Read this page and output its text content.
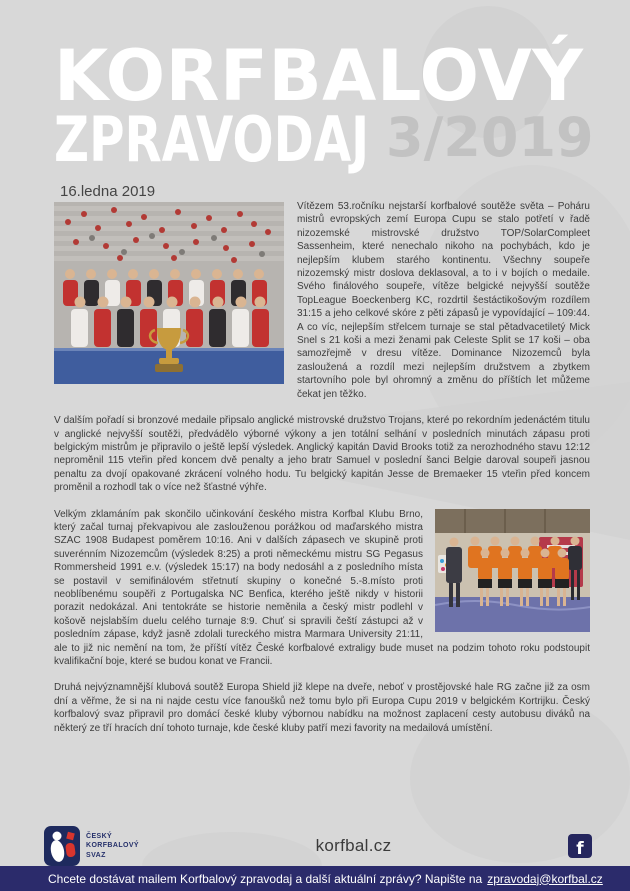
KORFBALOVÝ
ZPRAVODAJ 3/2019
16.ledna 2019
Vítězem 53.ročníku nejstarší korfbalové soutěže světa – Poháru mistrů evropských zemí Europa Cupu se stalo potřetí v řadě nizozemské mistrovské družstvo TOP/SolarCompleet Sassenheim, které nenechalo nikoho na pochybách, kdo je nejlepším klubem starého kontinentu. Všechny soupeře nizozemský mistr doslova deklasoval, a to i v bojích o medaile. Svého finálového soupeře, vítěze belgické nejvyšší soutěže TopLeague Boeckenberg KC, rozdrtil šestáctikošovým rozdílem 31:15 a jeho celkové skóre z pěti zápasů je vypovídající – 109:44. A co víc, nejlepším střelcem turnaje se stal pětadvacetiletý Mick Snel s 21 koši a mezi ženami pak Celeste Split se 17 koši – oba samozřejmě v dresu vítěze. Dominance Nizozemců byla zasloužená a rozdíl mezi nejlepším družstvem a zbytkem startovního pole byl ohromný a změnu do příštích let můžeme čekat jen těžko.
V dalším pořadí si bronzové medaile připsalo anglické mistrovské družstvo Trojans, které po rekordním jedenáctém titulu v anglické nejvyšší soutěži, předvádělo výborné výkony a jen totální selhání v posledních minutách zápasu proti belgickým mistrům je připravilo o ještě lepší výsledek. Anglický kapitán David Brooks totiž za nerozhodného stavu 12:12 neproměnil 115 vteřin před koncem dvě penalty a jeho bratr Samuel v poslední šanci Belgie daroval soupeři jasnou penaltu za dvojí opakované zkrácení volného hodu. Tu belgický kapitán Jesse de Bremaeker 15 vteřin před koncem proměnil a rozhodl tak o více než šťastné výhře.
Velkým zklamáním pak skončilo učinkování českého mistra Korfbal Klubu Brno, který začal turnaj překvapivou ale zaslouženou porážkou od maďarského mistra SZAC 1908 Budapest poměrem 10:16. Ani v dalších zápasech ve skupině proti suverénním Nizozemcům (výsledek 8:25) a proti německému mistru SG Pegasus Rommersheid 1991 e.v. (výsledek 15:17) na body nedosáhl a z posledního místa se postavil v semifinálovém střetnutí skupiny o konečné 5.-8.místo proti neoblíbenému soupěři z Portugalska NC Benfica, kterého ještě nikdy v historii porazit nedokázal. Ani tentokráte se historie neměnila a český mistr podlehl v košově nejslabším duelu celého turnaje 8:9. Chuť si spravili čeští zástupci až v posledním zápase, když jasně zdolali tureckého mistra Marmara University 21:11, ale to již nic nemění na tom, že příští vítěz České korfbalové extraligy bude muset na podzim tohoto roku podstoupit kvalifikační boje, které se budou konat ve Francii.
Druhá nejvýznamnější klubová soutěž Europa Shield již klepe na dveře, neboť v prostějovské hale RG začne již za osm dní a věřme, že si na ni najde cestu více fanoušků než tomu bylo při Europa Cupu 2019 v belgickém Kortrijku. Český korfbalový svaz připravil pro domácí české kluby výbornou nabídku na možnost zaplacení cesty autobusu diváků na některý ze tří hracích dní tohoto turnaje, kde české kluby patří mezi favority na medailová umístění.
ČESKÝ
KORFBALOVÝ
SVAZ
korfbal.cz	f
Chcete dostávat mailem Korfbalový zpravodaj a další aktuální zprávy? Napište na zpravodaj@korfbal.cz
